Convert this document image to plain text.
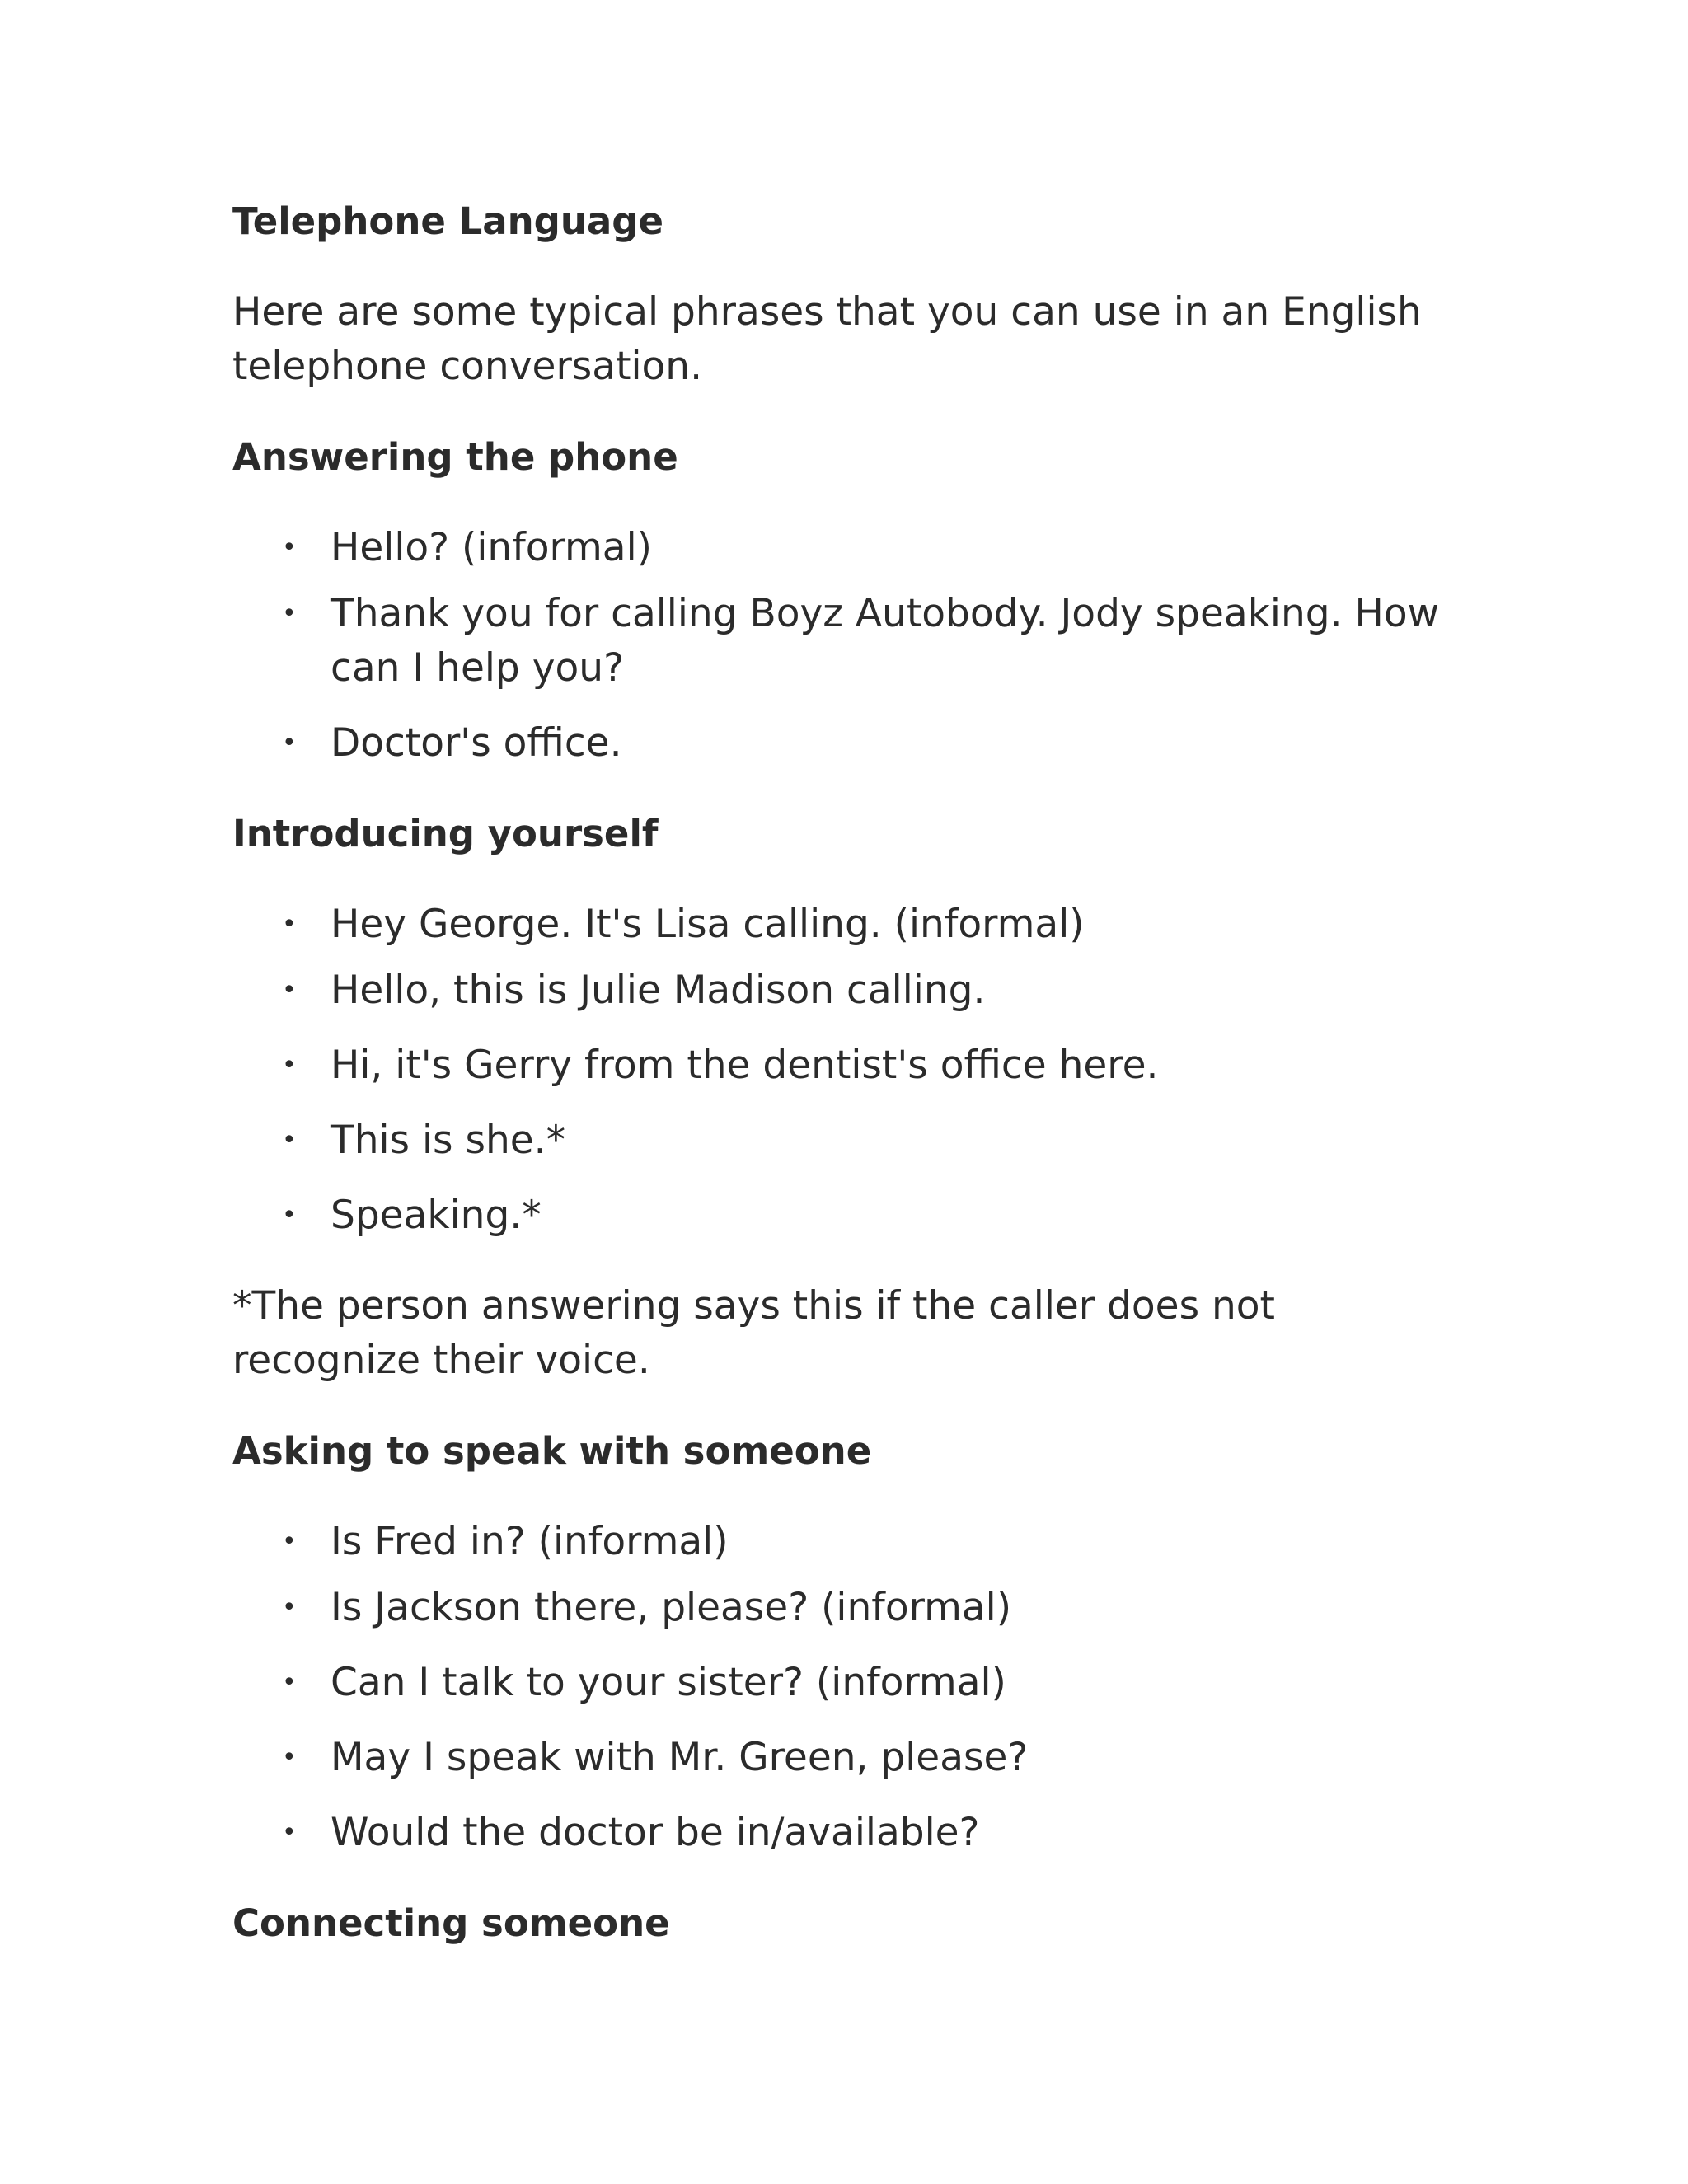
Telephone Language

Here are some typical phrases that you can use in an English telephone conversation.

Answering the phone
• Hello? (informal)
• Thank you for calling Boyz Autobody. Jody speaking. How can I help you?
• Doctor's office.
Introducing yourself
• Hey George. It's Lisa calling. (informal)
• Hello, this is Julie Madison calling.
• Hi, it's Gerry from the dentist's office here.
• This is she.*
• Speaking.*

*The person answering says this if the caller does not recognize their voice.

Asking to speak with someone
• Is Fred in? (informal)
• Is Jackson there, please? (informal)
• Can I talk to your sister? (informal)
• May I speak with Mr. Green, please?
• Would the doctor be in/available?
Connecting someone
